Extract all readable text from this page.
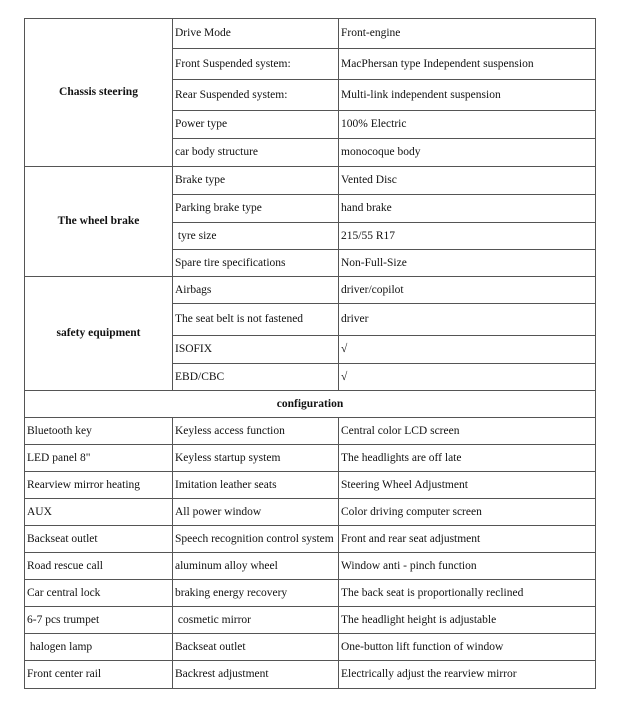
Chassis steering	Drive Mode	Front-engine
	Front Suspended system:	MacPhersan type Independent suspension
	Rear Suspended system:	Multi-link independent suspension
	Power type	100% Electric
	car body structure	monocoque body
The wheel brake	Brake type	Vented Disc
	Parking brake type	hand brake
	tyre size	215/55 R17
	Spare tire specifications	Non-Full-Size
safety equipment	Airbags	driver/copilot
	The seat belt is not fastened	driver
	ISOFIX	√
	EBD/CBC	√
configuration		
Bluetooth key	Keyless access function	Central color LCD screen
LED panel 8"	Keyless startup system	The headlights are off late
Rearview mirror heating	Imitation leather seats	Steering Wheel Adjustment
AUX	All power window	Color driving computer screen
Backseat outlet	Speech recognition control system	Front and rear seat adjustment
Road rescue call	aluminum alloy wheel	Window anti - pinch function
Car central lock	braking energy recovery	The back seat is proportionally reclined
6-7 pcs trumpet	cosmetic mirror	The headlight height is adjustable
halogen lamp	Backseat outlet	One-button lift function of window
Front center rail	Backrest adjustment	Electrically adjust the rearview mirror
